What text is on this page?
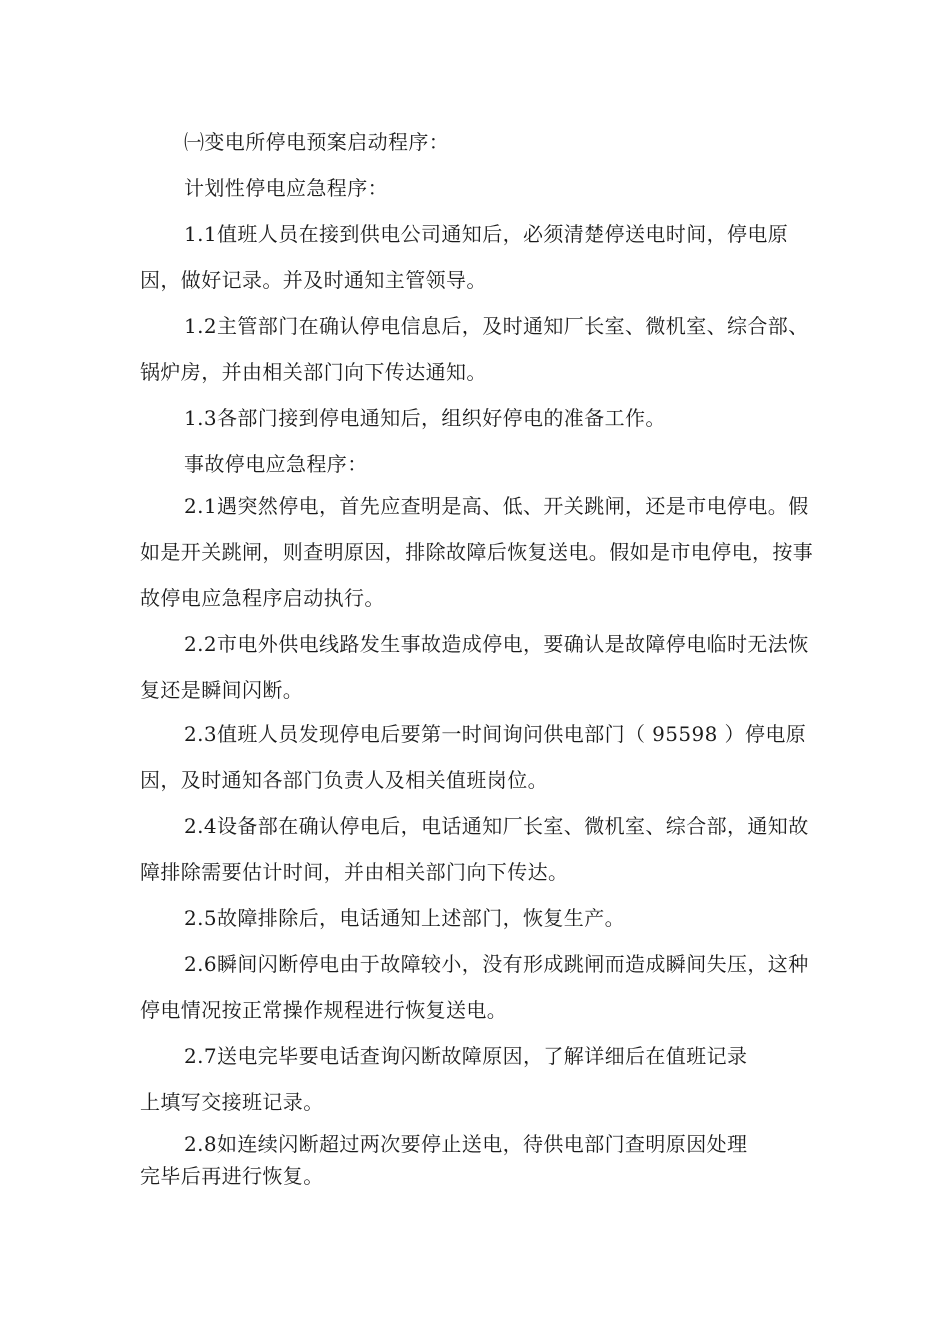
㈠变电所停电预案启动程序：
计划性停电应急程序：
1.1值班人员在接到供电公司通知后，必须清楚停送电时间，停电原
因，做好记录。并及时通知主管领导。
1.2主管部门在确认停电信息后，及时通知厂长室、微机室、综合部、
锅炉房，并由相关部门向下传达通知。
1.3各部门接到停电通知后，组织好停电的准备工作。
事故停电应急程序：
2.1遇突然停电，首先应查明是高、低、开关跳闸，还是市电停电。假
如是开关跳闸，则查明原因，排除故障后恢复送电。假如是市电停电，按事
故停电应急程序启动执行。
2.2市电外供电线路发生事故造成停电，要确认是故障停电临时无法恢
复还是瞬间闪断。
2.3值班人员发现停电后要第一时间询问供电部门（ 95598 ）停电原
因，及时通知各部门负责人及相关值班岗位。
2.4设备部在确认停电后，电话通知厂长室、微机室、综合部，通知故
障排除需要估计时间，并由相关部门向下传达。
2.5故障排除后，电话通知上述部门，恢复生产。
2.6瞬间闪断停电由于故障较小，没有形成跳闸而造成瞬间失压，这种
停电情况按正常操作规程进行恢复送电。
2.7送电完毕要电话查询闪断故障原因，了解详细后在值班记录
上填写交接班记录。
2.8如连续闪断超过两次要停止送电，待供电部门查明原因处理
完毕后再进行恢复。
